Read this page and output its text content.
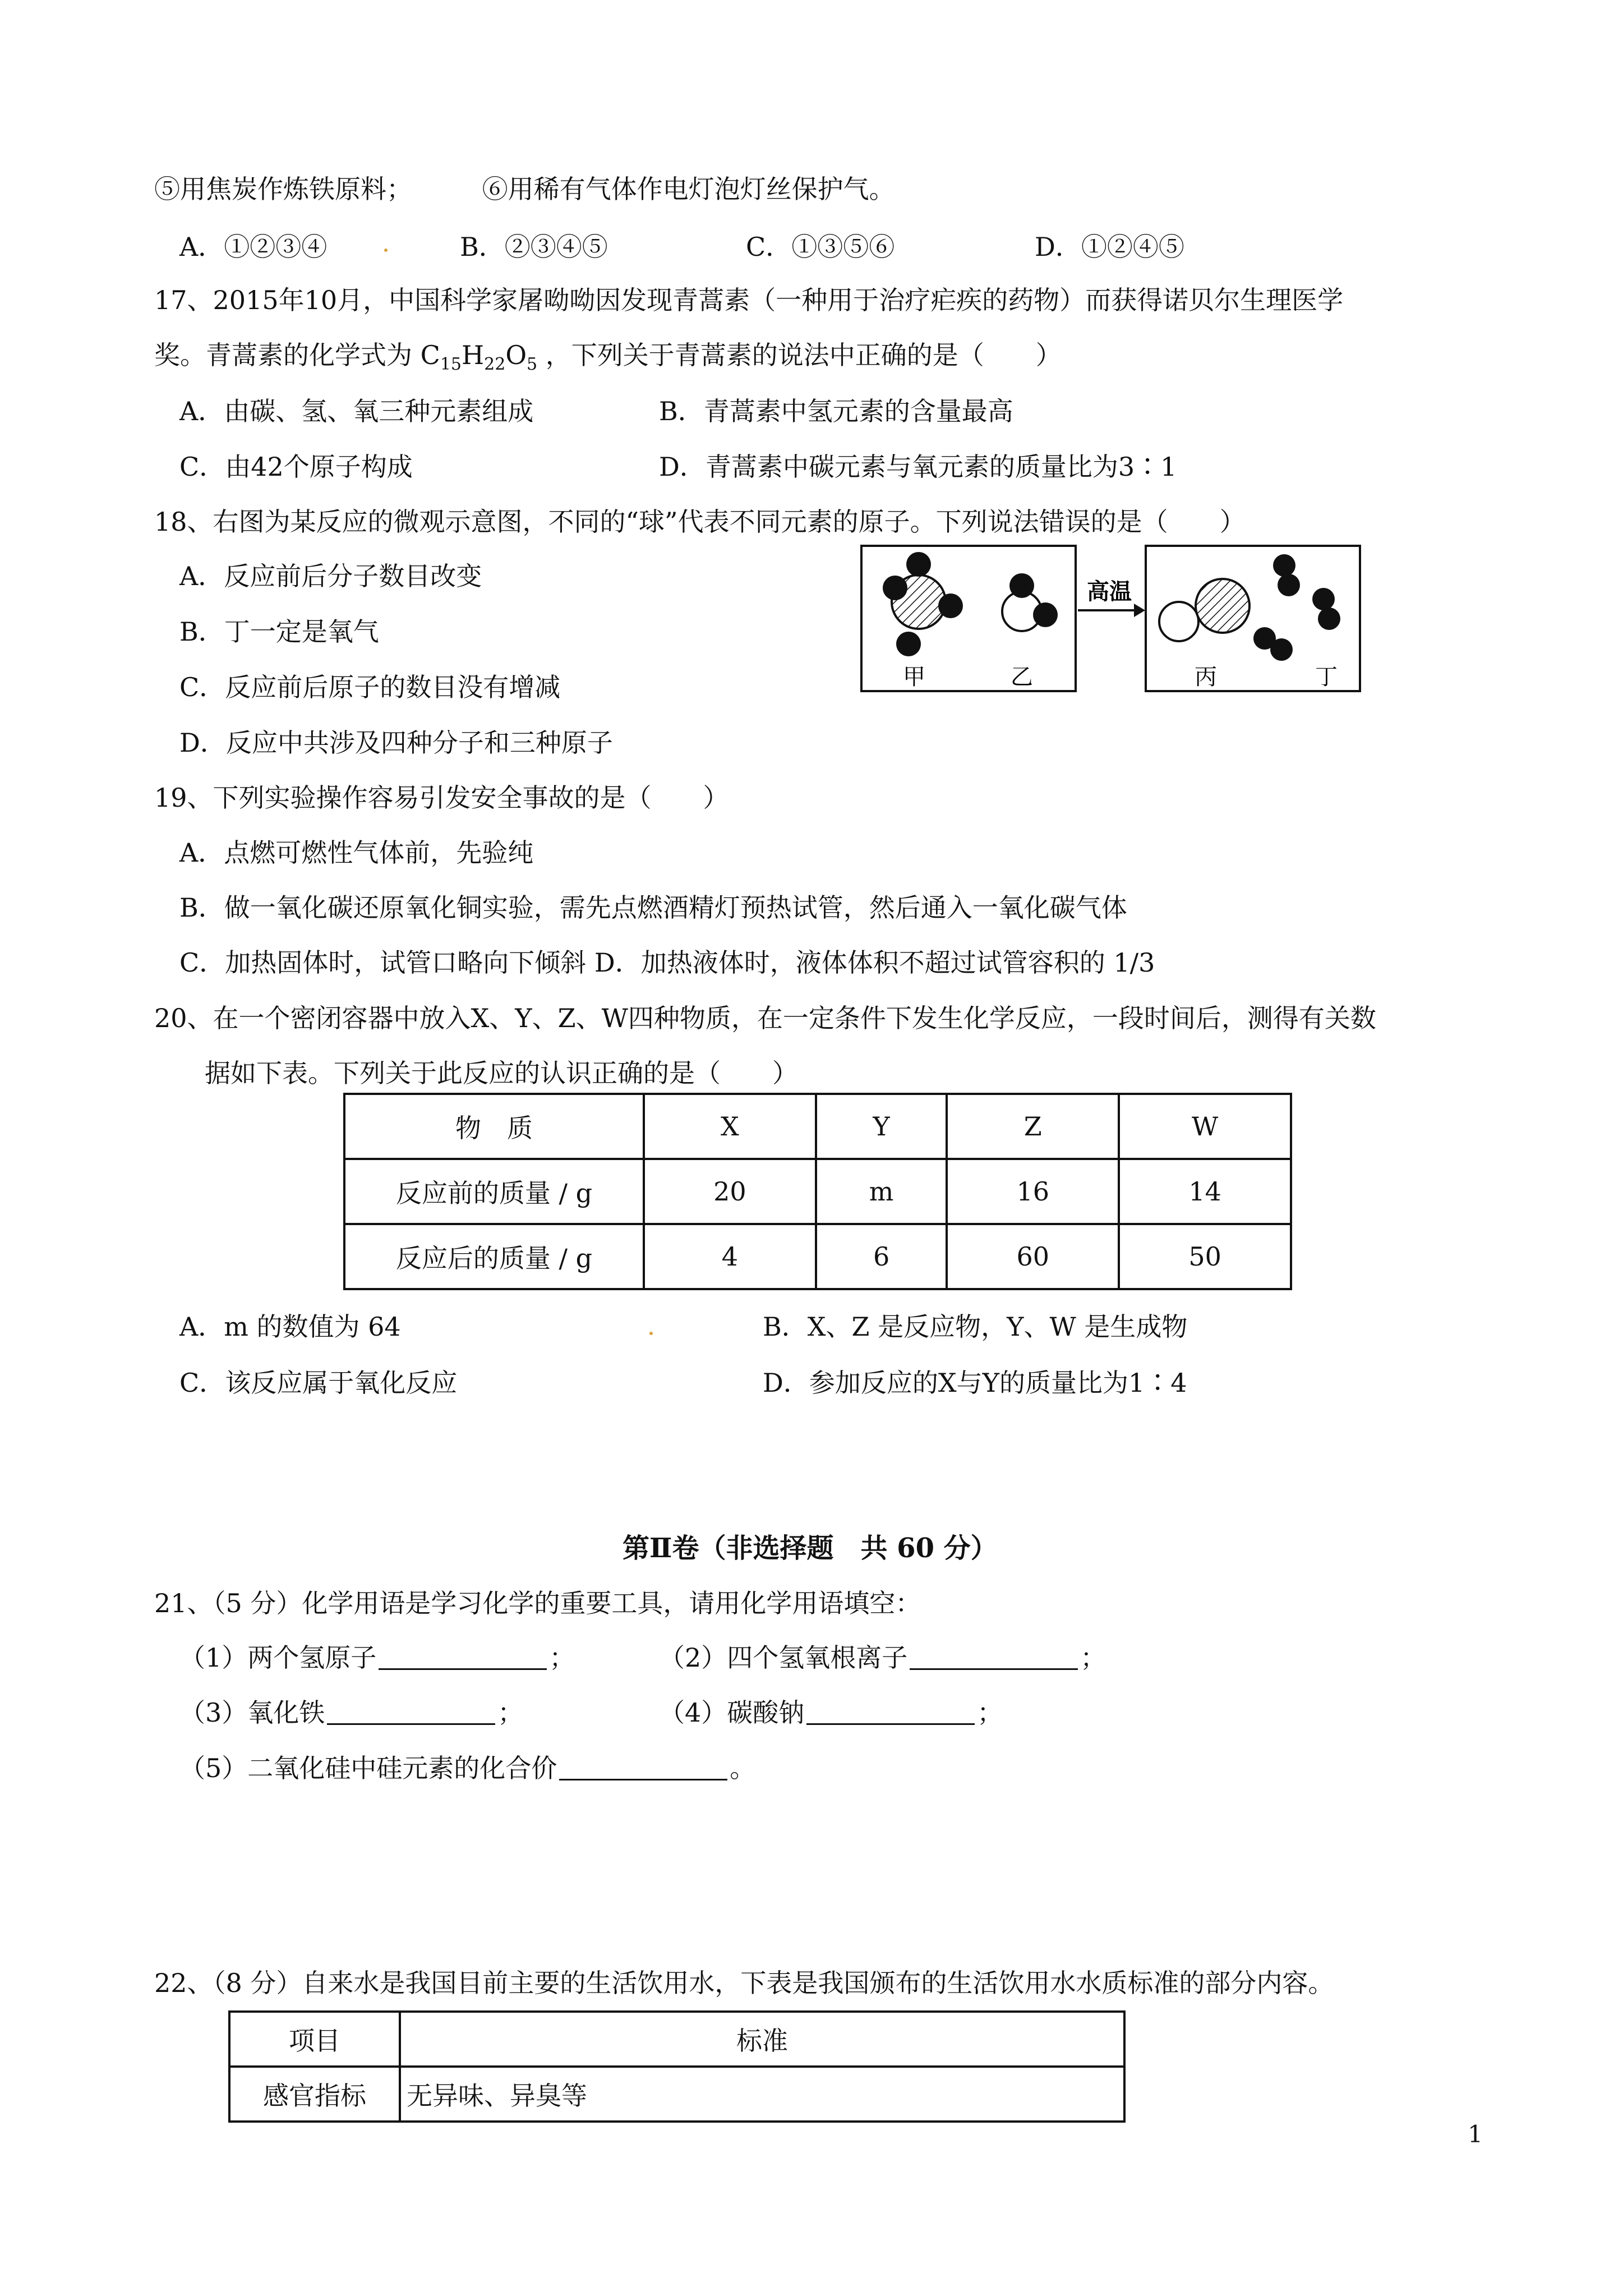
⑤用焦炭作炼铁原料；	⑥用稀有气体作电灯泡灯丝保护气。
A．①②③④	B．②③④⑤	C．①③⑤⑥	D．①②④⑤
17、2015年10月，中国科学家屠呦呦因发现青蒿素（一种用于治疗疟疾的药物）而获得诺贝尔生理医学
奖。青蒿素的化学式为 $C_{15}H_{22}O_5$ ，下列关于青蒿素的说法中正确的是（　　）
A．由碳、氢、氧三种元素组成	B．青蒿素中氢元素的含量最高
C．由42个原子构成	D．青蒿素中碳元素与氧元素的质量比为3∶1
18、右图为某反应的微观示意图，不同的“球”代表不同元素的原子。下列说法错误的是（　　）
A．反应前后分子数目改变
B．丁一定是氧气
C．反应前后原子的数目没有增减
D．反应中共涉及四种分子和三种原子
甲	乙
高温
丙	丁
19、下列实验操作容易引发安全事故的是（　　）
A．点燃可燃性气体前，先验纯
B．做一氧化碳还原氧化铜实验，需先点燃酒精灯预热试管，然后通入一氧化碳气体
C．加热固体时，试管口略向下倾斜 D．加热液体时，液体体积不超过试管容积的 1/3
20、在一个密闭容器中放入X、Y、Z、W四种物质，在一定条件下发生化学反应，一段时间后，测得有关数
据如下表。下列关于此反应的认识正确的是（　　）
物　质	X	Y	Z	W
反应前的质量 / g	20	m	16	14
反应后的质量 / g	4	6	60	50
A．m 的数值为 64	B．X、Z 是反应物，Y、W 是生成物
C．该反应属于氧化反应	D．参加反应的X与Y的质量比为1∶4
第Ⅱ卷（非选择题　共 60 分）
21、（5 分）化学用语是学习化学的重要工具，请用化学用语填空：
（1）两个氢原子	；	（2）四个氢氧根离子	；
（3）氧化铁	；	（4）碳酸钠	；
（5）二氧化硅中硅元素的化合价	。
22、（8 分）自来水是我国目前主要的生活饮用水，下表是我国颁布的生活饮用水水质标准的部分内容。
项目	标准
感官指标	无异味、异臭等
1
